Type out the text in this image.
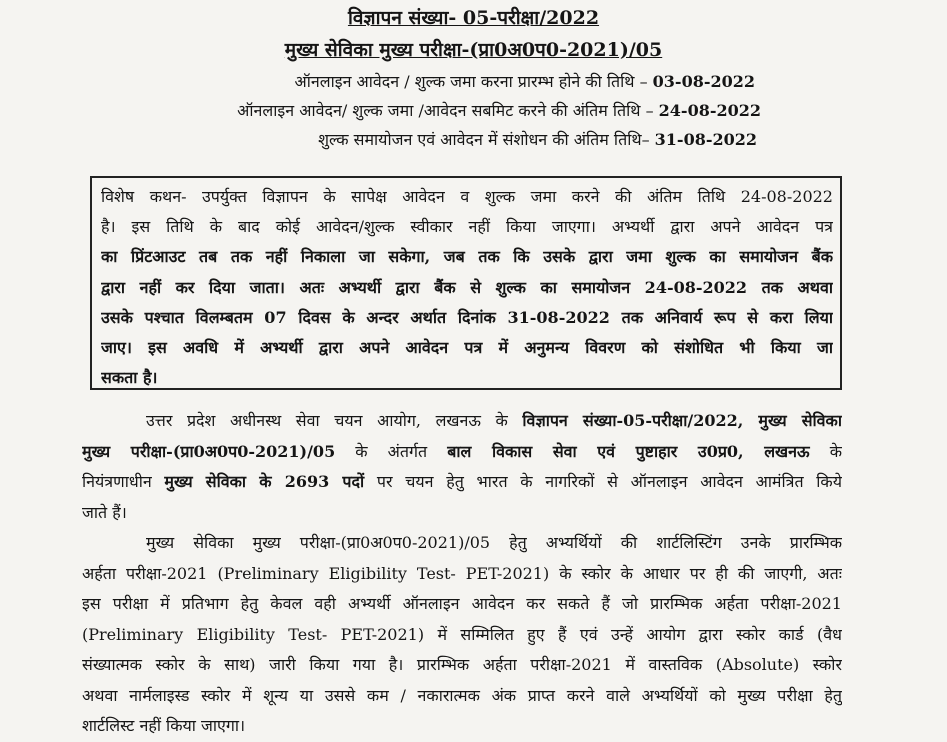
विज्ञापन संख्या- 05-परीक्षा/2022
मुख्य सेविका मुख्य परीक्षा-(प्रा0अ0प0-2021)/05
ऑनलाइन आवेदन / शुल्क जमा करना प्रारम्भ होने की तिथि – 03-08-2022
ऑनलाइन आवेदन/ शुल्क जमा /आवेदन सबमिट करने की अंतिम तिथि – 24-08-2022
शुल्क समायोजन एवं आवेदन में संशोधन की अंतिम तिथि– 31-08-2022
विशेष कथन- उपर्युक्त विज्ञापन के सापेक्ष आवेदन व शुल्क जमा करने की अंतिम तिथि 24-08-2022
है। इस तिथि के बाद कोई आवेदन/शुल्क स्वीकार नहीं किया जाएगा। अभ्यर्थी द्वारा अपने आवेदन पत्र
का प्रिंटआउट तब तक नहीं निकाला जा सकेगा, जब तक कि उसके द्वारा जमा शुल्क का समायोजन बैंक
द्वारा नहीं कर दिया जाता। अतः अभ्यर्थी द्वारा बैंक से शुल्क का समायोजन 24-08-2022 तक अथवा
उसके पश्चात विलम्बतम 07 दिवस के अन्दर अर्थात दिनांक 31-08-2022 तक अनिवार्य रूप से करा लिया
जाए। इस अवधि में अभ्यर्थी द्वारा अपने आवेदन पत्र में अनुमन्य विवरण को संशोधित भी किया जा
सकता है।
उत्तर प्रदेश अधीनस्थ सेवा चयन आयोग, लखनऊ के विज्ञापन संख्या-05-परीक्षा/2022, मुख्य सेविका
मुख्य परीक्षा-(प्रा0अ0प0-2021)/05 के अंतर्गत बाल विकास सेवा एवं पुष्टाहार उ0प्र0, लखनऊ के
नियंत्रणाधीन मुख्य सेविका के 2693 पदों पर चयन हेतु भारत के नागरिकों से ऑनलाइन आवेदन आमंत्रित किये
जाते हैं।
मुख्य सेविका मुख्य परीक्षा-(प्रा0अ0प0-2021)/05 हेतु अभ्यर्थियों की शार्टलिस्टिंग उनके प्रारम्भिक
अर्हता परीक्षा-2021 (Preliminary Eligibility Test- PET-2021) के स्कोर के आधार पर ही की जाएगी, अतः
इस परीक्षा में प्रतिभाग हेतु केवल वही अभ्यर्थी ऑनलाइन आवेदन कर सकते हैं जो प्रारम्भिक अर्हता परीक्षा-2021
(Preliminary Eligibility Test- PET-2021) में सम्मिलित हुए हैं एवं उन्हें आयोग द्वारा स्कोर कार्ड (वैध
संख्यात्मक स्कोर के साथ) जारी किया गया है। प्रारम्भिक अर्हता परीक्षा-2021 में वास्तविक (Absolute) स्कोर
अथवा नार्मलाइस्ड स्कोर में शून्य या उससे कम / नकारात्मक अंक प्राप्त करने वाले अभ्यर्थियों को मुख्य परीक्षा हेतु
शार्टलिस्ट नहीं किया जाएगा।
